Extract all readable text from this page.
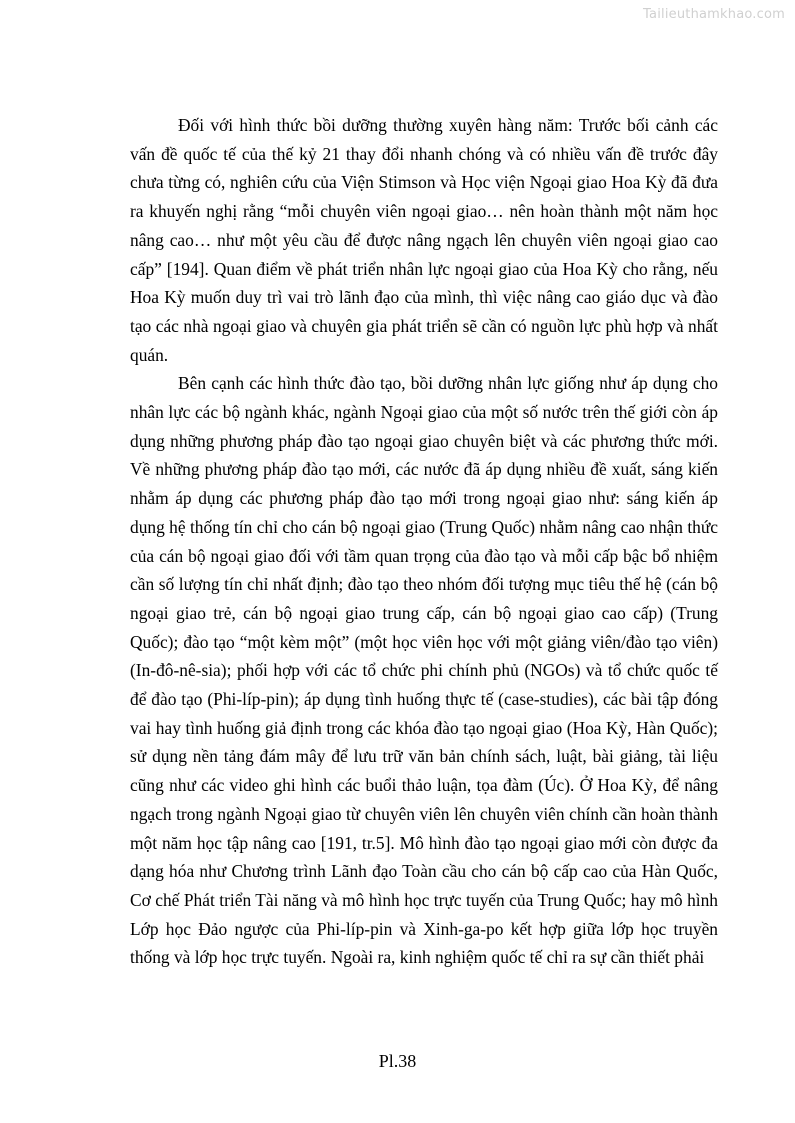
Tailieuthamkhao.com

Đối với hình thức bồi dưỡng thường xuyên hàng năm: Trước bối cảnh các vấn đề quốc tế của thế kỷ 21 thay đổi nhanh chóng và có nhiều vấn đề trước đây chưa từng có, nghiên cứu của Viện Stimson và Học viện Ngoại giao Hoa Kỳ đã đưa ra khuyến nghị rằng “mỗi chuyên viên ngoại giao… nên hoàn thành một năm học nâng cao… như một yêu cầu để được nâng ngạch lên chuyên viên ngoại giao cao cấp” [194]. Quan điểm về phát triển nhân lực ngoại giao của Hoa Kỳ cho rằng, nếu Hoa Kỳ muốn duy trì vai trò lãnh đạo của mình, thì việc nâng cao giáo dục và đào tạo các nhà ngoại giao và chuyên gia phát triển sẽ cần có nguồn lực phù hợp và nhất quán.

Bên cạnh các hình thức đào tạo, bồi dưỡng nhân lực giống như áp dụng cho nhân lực các bộ ngành khác, ngành Ngoại giao của một số nước trên thế giới còn áp dụng những phương pháp đào tạo ngoại giao chuyên biệt và các phương thức mới. Về những phương pháp đào tạo mới, các nước đã áp dụng nhiều đề xuất, sáng kiến nhằm áp dụng các phương pháp đào tạo mới trong ngoại giao như: sáng kiến áp dụng hệ thống tín chỉ cho cán bộ ngoại giao (Trung Quốc) nhằm nâng cao nhận thức của cán bộ ngoại giao đối với tầm quan trọng của đào tạo và mỗi cấp bậc bổ nhiệm cần số lượng tín chỉ nhất định; đào tạo theo nhóm đối tượng mục tiêu thế hệ (cán bộ ngoại giao trẻ, cán bộ ngoại giao trung cấp, cán bộ ngoại giao cao cấp) (Trung Quốc); đào tạo “một kèm một” (một học viên học với một giảng viên/đào tạo viên) (In-đô-nê-sia); phối hợp với các tổ chức phi chính phủ (NGOs) và tổ chức quốc tế để đào tạo (Phi-líp-pin); áp dụng tình huống thực tế (case-studies), các bài tập đóng vai hay tình huống giả định trong các khóa đào tạo ngoại giao (Hoa Kỳ, Hàn Quốc); sử dụng nền tảng đám mây để lưu trữ văn bản chính sách, luật, bài giảng, tài liệu cũng như các video ghi hình các buổi thảo luận, tọa đàm (Úc). Ở Hoa Kỳ, để nâng ngạch trong ngành Ngoại giao từ chuyên viên lên chuyên viên chính cần hoàn thành một năm học tập nâng cao [191, tr.5]. Mô hình đào tạo ngoại giao mới còn được đa dạng hóa như Chương trình Lãnh đạo Toàn cầu cho cán bộ cấp cao của Hàn Quốc, Cơ chế Phát triển Tài năng và mô hình học trực tuyến của Trung Quốc; hay mô hình Lớp học Đảo ngược của Phi-líp-pin và Xinh-ga-po kết hợp giữa lớp học truyền thống và lớp học trực tuyến. Ngoài ra, kinh nghiệm quốc tế chỉ ra sự cần thiết phải

Pl.38
